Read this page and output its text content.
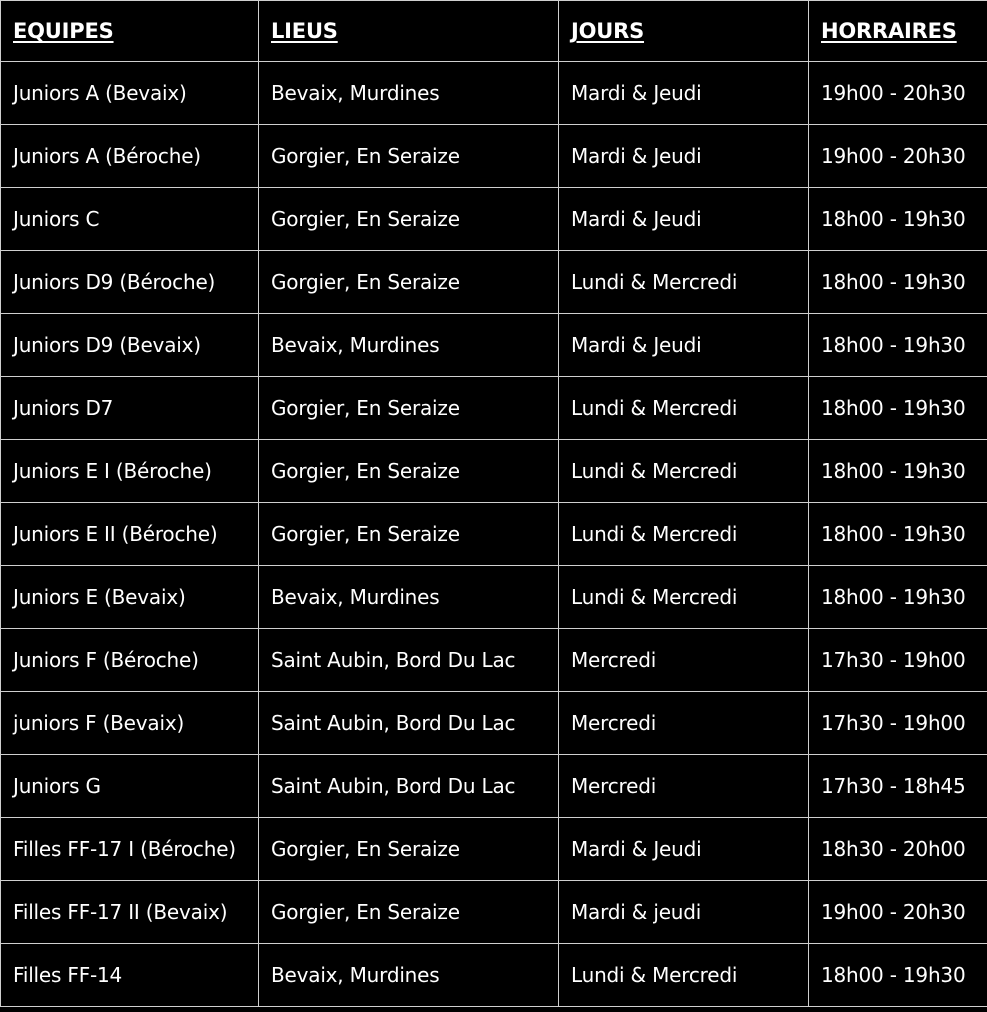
EQUIPES	LIEUS	JOURS	HORRAIRES
Juniors A (Bevaix)	Bevaix, Murdines	Mardi & Jeudi	19h00 - 20h30
Juniors A (Béroche)	Gorgier, En Seraize	Mardi & Jeudi	19h00 - 20h30
Juniors C	Gorgier, En Seraize	Mardi & Jeudi	18h00 - 19h30
Juniors D9 (Béroche)	Gorgier, En Seraize	Lundi & Mercredi	18h00 - 19h30
Juniors D9 (Bevaix)	Bevaix, Murdines	Mardi & Jeudi	18h00 - 19h30
Juniors D7	Gorgier, En Seraize	Lundi & Mercredi	18h00 - 19h30
Juniors E I (Béroche)	Gorgier, En Seraize	Lundi & Mercredi	18h00 - 19h30
Juniors E II (Béroche)	Gorgier, En Seraize	Lundi & Mercredi	18h00 - 19h30
Juniors E (Bevaix)	Bevaix, Murdines	Lundi & Mercredi	18h00 - 19h30
Juniors F (Béroche)	Saint Aubin, Bord Du Lac	Mercredi	17h30 - 19h00
juniors F (Bevaix)	Saint Aubin, Bord Du Lac	Mercredi	17h30 - 19h00
Juniors G	Saint Aubin, Bord Du Lac	Mercredi	17h30 - 18h45
Filles FF-17 I (Béroche)	Gorgier, En Seraize	Mardi & Jeudi	18h30 - 20h00
Filles FF-17 II (Bevaix)	Gorgier, En Seraize	Mardi & jeudi	19h00 - 20h30
Filles FF-14	Bevaix, Murdines	Lundi & Mercredi	18h00 - 19h30
